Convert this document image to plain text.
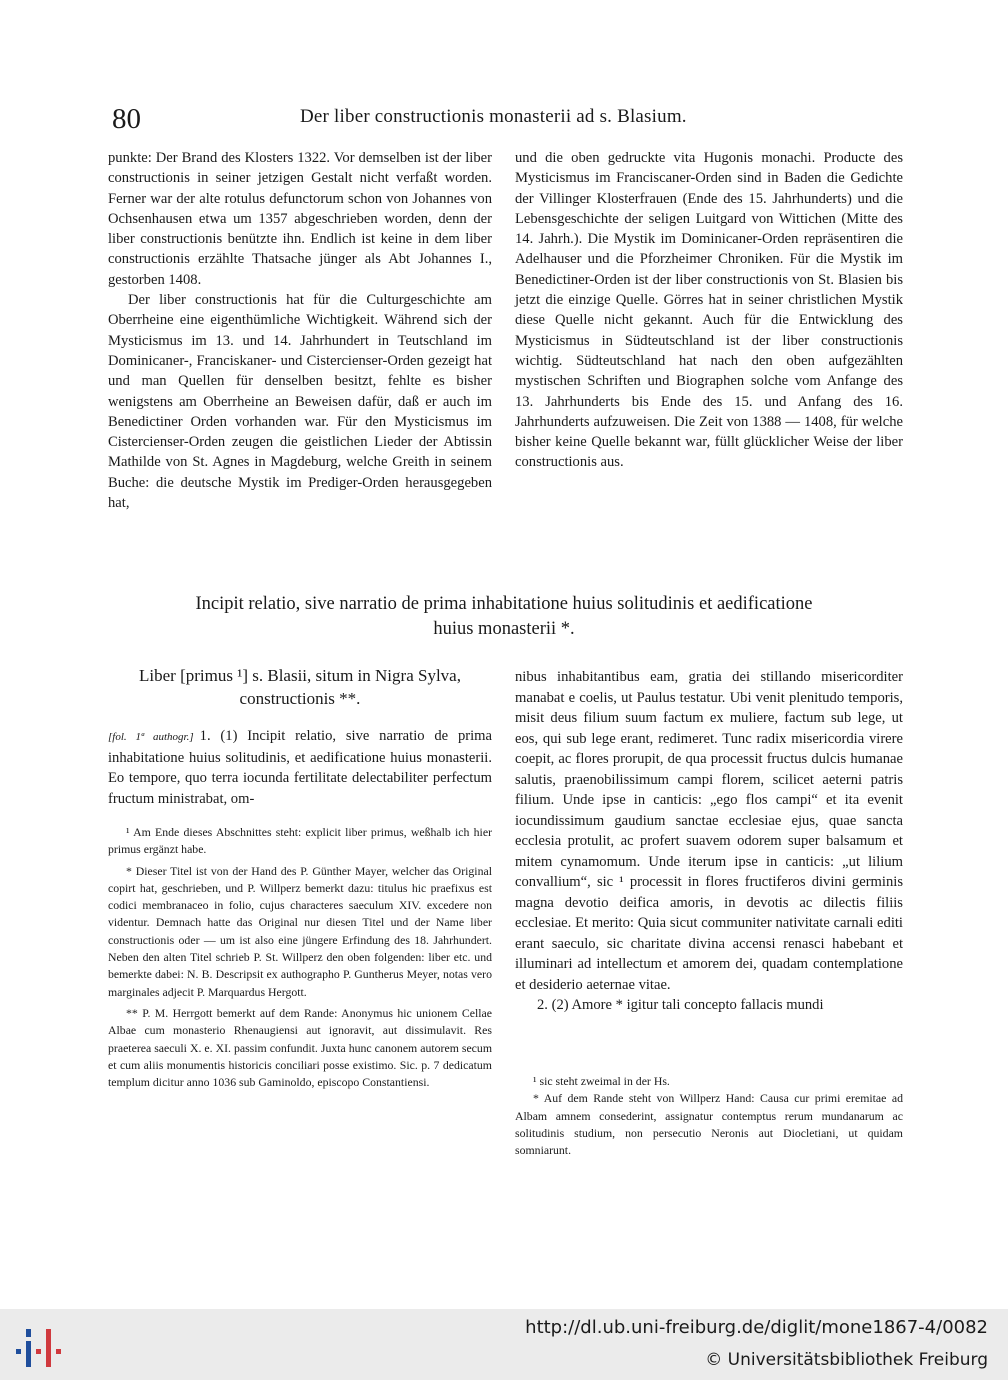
80	Der liber constructionis monasterii ad s. Blasium.

punkte: Der Brand des Klosters 1322. Vor demselben ist der liber constructionis in seiner jetzigen Gestalt nicht verfaßt worden. Ferner war der alte rotulus defunctorum schon von Johannes von Ochsenhausen etwa um 1357 abgeschrieben worden, denn der liber constructionis benützte ihn. Endlich ist keine in dem liber constructionis erzählte Thatsache jünger als Abt Johannes I., gestorben 1408.

Der liber constructionis hat für die Culturgeschichte am Oberrheine eine eigenthümliche Wichtigkeit. Während sich der Mysticismus im 13. und 14. Jahrhundert in Teutschland im Dominicaner-, Franciskaner- und Cistercienser-Orden gezeigt hat und man Quellen für denselben besitzt, fehlte es bisher wenigstens am Oberrheine an Beweisen dafür, daß er auch im Benedictiner Orden vorhanden war. Für den Mysticismus im Cistercienser-Orden zeugen die geistlichen Lieder der Abtissin Mathilde von St. Agnes in Magdeburg, welche Greith in seinem Buche: die deutsche Mystik im Prediger-Orden herausgegeben hat,

und die oben gedruckte vita Hugonis monachi. Producte des Mysticismus im Franciscaner-Orden sind in Baden die Gedichte der Villinger Klosterfrauen (Ende des 15. Jahrhunderts) und die Lebensgeschichte der seligen Luitgard von Wittichen (Mitte des 14. Jahrh.). Die Mystik im Dominicaner-Orden repräsentiren die Adelhauser und die Pforzheimer Chroniken. Für die Mystik im Benedictiner-Orden ist der liber constructionis von St. Blasien bis jetzt die einzige Quelle. Görres hat in seiner christlichen Mystik diese Quelle nicht gekannt. Auch für die Entwicklung des Mysticismus in Südteutschland ist der liber constructionis wichtig. Südteutschland hat nach den oben aufgezählten mystischen Schriften und Biographen solche vom Anfange des 13. Jahrhunderts bis Ende des 15. und Anfang des 16. Jahrhunderts aufzuweisen. Die Zeit von 1388 — 1408, für welche bisher keine Quelle bekannt war, füllt glücklicher Weise der liber constructionis aus.

Incipit relatio, sive narratio de prima inhabitatione huius solitudinis et aedificatione
huius monasterii *.
Liber [primus ¹] s. Blasii, situm in Nigra Sylva,
constructionis **.
[fol. 1ª authogr.] 1. (1) Incipit relatio, sive narratio de prima inhabitatione huius solitudinis, et aedificatione huius monasterii. Eo tempore, quo terra iocunda fertilitate delectabiliter perfectum fructum ministrabat, om-

nibus inhabitantibus eam, gratia dei stillando misericorditer manabat e coelis, ut Paulus testatur. Ubi venit plenitudo temporis, misit deus filium suum factum ex muliere, factum sub lege, ut eos, qui sub lege erant, redimeret. Tunc radix misericordia virere coepit, ac flores prorupit, de qua processit fructus dulcis humanae salutis, praenobilissimum campi florem, scilicet aeterni patris filium. Unde ipse in canticis: „ego flos campi“ et ita evenit iocundissimum gaudium sanctae ecclesiae ejus, quae sancta ecclesia protulit, ac profert suavem odorem super balsamum et mitem cynamomum. Unde iterum ipse in canticis: „ut lilium convallium“, sic ¹ processit in flores fructiferos divini germinis magna devotio deifica amoris, in devotis ac dilectis filiis ecclesiae. Et merito: Quia sicut communiter nativitate carnali editi erant saeculo, sic charitate divina accensi renasci habebant et illuminari ad intellectum et amorem dei, quadam contemplatione et desiderio aeternae vitae.

2. (2) Amore * igitur tali concepto fallacis mundi

¹ Am Ende dieses Abschnittes steht: explicit liber primus, weßhalb ich hier primus ergänzt habe.

* Dieser Titel ist von der Hand des P. Günther Mayer, welcher das Original copirt hat, geschrieben, und P. Willperz bemerkt dazu: titulus hic praefixus est codici membranaceo in folio, cujus characteres saeculum XIV. excedere non videntur. Demnach hatte das Original nur diesen Titel und der Name liber constructionis oder — um ist also eine jüngere Erfindung des 18. Jahrhundert. Neben den alten Titel schrieb P. St. Willperz den oben folgenden: liber etc. und bemerkte dabei: N. B. Descripsit ex authographo P. Guntherus Meyer, notas vero marginales adjecit P. Marquardus Hergott.

** P. M. Herrgott bemerkt auf dem Rande: Anonymus hic unionem Cellae Albae cum monasterio Rhenaugiensi aut ignoravit, aut dissimulavit. Res praeterea saeculi X. e. XI. passim confundit. Juxta hunc canonem autorem secum et cum aliis monumentis historicis conciliari posse existimo. Sic. p. 7 dedicatum templum dicitur anno 1036 sub Gaminoldo, episcopo Constantiensi.	¹ sic steht zweimal in der Hs.

* Auf dem Rande steht von Willperz Hand: Causa cur primi eremitae ad Albam amnem consederint, assignatur contemptus rerum mundanarum ac solitudinis studium, non persecutio Neronis aut Diocletiani, ut quidam somniarunt.

http://dl.ub.uni-freiburg.de/diglit/mone1867-4/0082
© Universitätsbibliothek Freiburg
